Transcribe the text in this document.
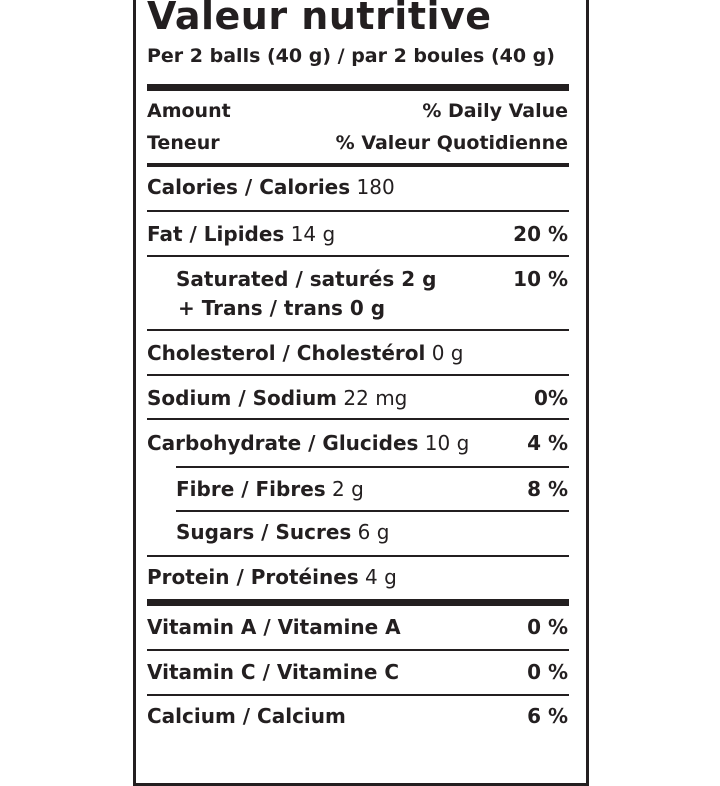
Valeur nutritive
Per 2 balls (40 g) / par 2 boules (40 g)
Amount	% Daily Value
Teneur	% Valeur Quotidienne
Calories / Calories 180
Fat / Lipides 14 g	20 %
Saturated / saturés 2 g	10 %
+ Trans / trans 0 g
Cholesterol / Cholestérol 0 g
Sodium / Sodium 22 mg	0%
Carbohydrate / Glucides 10 g	4 %
Fibre / Fibres 2 g	8 %
Sugars / Sucres 6 g
Protein / Protéines 4 g
Vitamin A / Vitamine A	0 %
Vitamin C / Vitamine C	0 %
Calcium / Calcium	6 %
